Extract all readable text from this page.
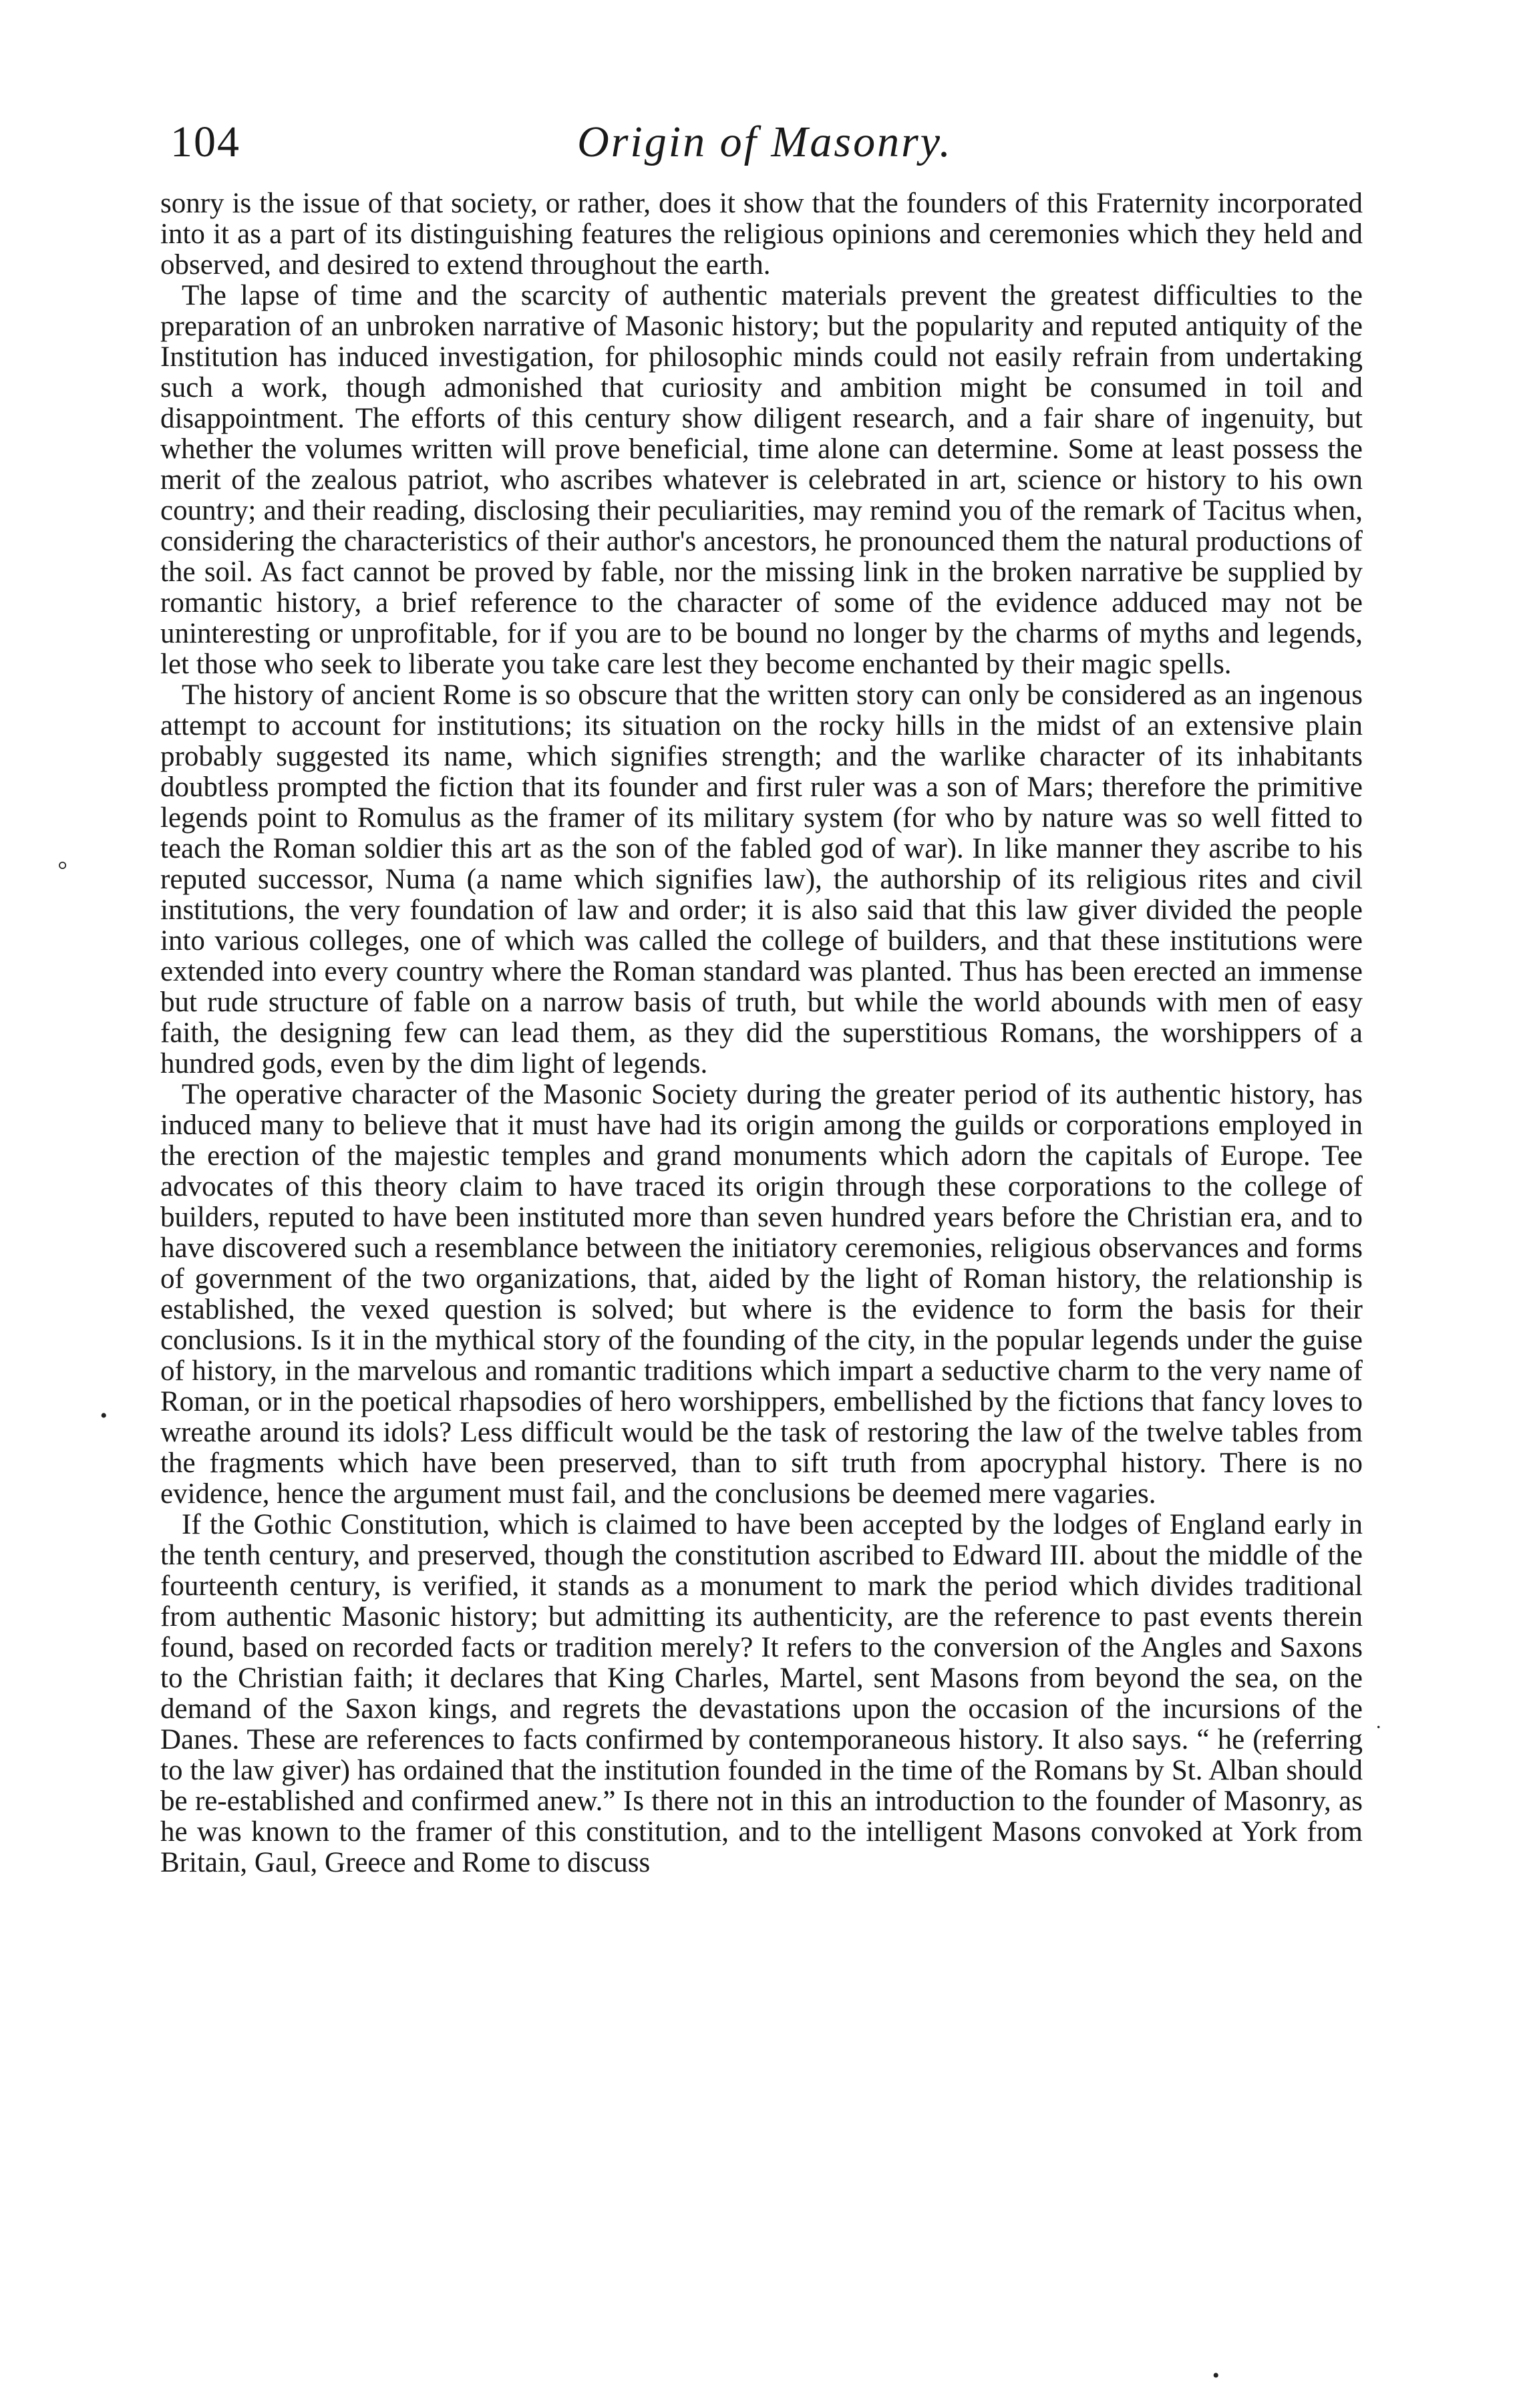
104	Origin of Masonry.

sonry is the issue of that society, or rather, does it show that the founders of this Fraternity incorporated into it as a part of its distinguishing features the religious opinions and ceremonies which they held and observed, and desired to extend throughout the earth.

The lapse of time and the scarcity of authentic materials prevent the greatest difficulties to the preparation of an unbroken narrative of Masonic history; but the popularity and reputed antiquity of the Institution has induced investigation, for philosophic minds could not easily refrain from undertaking such a work, though admonished that curiosity and ambition might be consumed in toil and disappointment. The efforts of this century show diligent research, and a fair share of ingenuity, but whether the volumes written will prove beneficial, time alone can determine. Some at least possess the merit of the zealous patriot, who ascribes whatever is celebrated in art, science or history to his own country; and their reading, disclosing their peculiarities, may remind you of the remark of Tacitus when, considering the characteristics of their author's ancestors, he pronounced them the natural productions of the soil. As fact cannot be proved by fable, nor the missing link in the broken narrative be supplied by romantic history, a brief reference to the character of some of the evidence adduced may not be uninteresting or unprofitable, for if you are to be bound no longer by the charms of myths and legends, let those who seek to liberate you take care lest they become enchanted by their magic spells.

The history of ancient Rome is so obscure that the written story can only be considered as an ingenous attempt to account for institutions; its situation on the rocky hills in the midst of an extensive plain probably suggested its name, which signifies strength; and the warlike character of its inhabitants doubtless prompted the fiction that its founder and first ruler was a son of Mars; therefore the primitive legends point to Romulus as the framer of its military system (for who by nature was so well fitted to teach the Roman soldier this art as the son of the fabled god of war). In like manner they ascribe to his reputed successor, Numa (a name which signifies law), the authorship of its religious rites and civil institutions, the very foundation of law and order; it is also said that this law giver divided the people into various colleges, one of which was called the college of builders, and that these institutions were extended into every country where the Roman standard was planted. Thus has been erected an immense but rude structure of fable on a narrow basis of truth, but while the world abounds with men of easy faith, the designing few can lead them, as they did the superstitious Romans, the worshippers of a hundred gods, even by the dim light of legends.

The operative character of the Masonic Society during the greater period of its authentic history, has induced many to believe that it must have had its origin among the guilds or corporations employed in the erection of the majestic temples and grand monuments which adorn the capitals of Europe. Tee advocates of this theory claim to have traced its origin through these corporations to the college of builders, reputed to have been instituted more than seven hundred years before the Christian era, and to have discovered such a resemblance between the initiatory ceremonies, religious observances and forms of government of the two organizations, that, aided by the light of Roman history, the relationship is established, the vexed question is solved; but where is the evidence to form the basis for their conclusions. Is it in the mythical story of the founding of the city, in the popular legends under the guise of history, in the marvelous and romantic traditions which impart a seductive charm to the very name of Roman, or in the poetical rhapsodies of hero worshippers, embellished by the fictions that fancy loves to wreathe around its idols? Less difficult would be the task of restoring the law of the twelve tables from the fragments which have been preserved, than to sift truth from apocryphal history. There is no evidence, hence the argument must fail, and the conclusions be deemed mere vagaries.

If the Gothic Constitution, which is claimed to have been accepted by the lodges of England early in the tenth century, and preserved, though the constitution ascribed to Edward III. about the middle of the fourteenth century, is verified, it stands as a monument to mark the period which divides traditional from authentic Masonic history; but admitting its authenticity, are the reference to past events therein found, based on recorded facts or tradition merely? It refers to the conversion of the Angles and Saxons to the Christian faith; it declares that King Charles, Martel, sent Masons from beyond the sea, on the demand of the Saxon kings, and regrets the devastations upon the occasion of the incursions of the Danes. These are references to facts confirmed by contemporaneous history. It also says. “ he (referring to the law giver) has ordained that the institution founded in the time of the Romans by St. Alban should be re-established and confirmed anew.” Is there not in this an introduction to the founder of Masonry, as he was known to the framer of this constitution, and to the intelligent Masons convoked at York from Britain, Gaul, Greece and Rome to discuss

⸰
•
.
•
